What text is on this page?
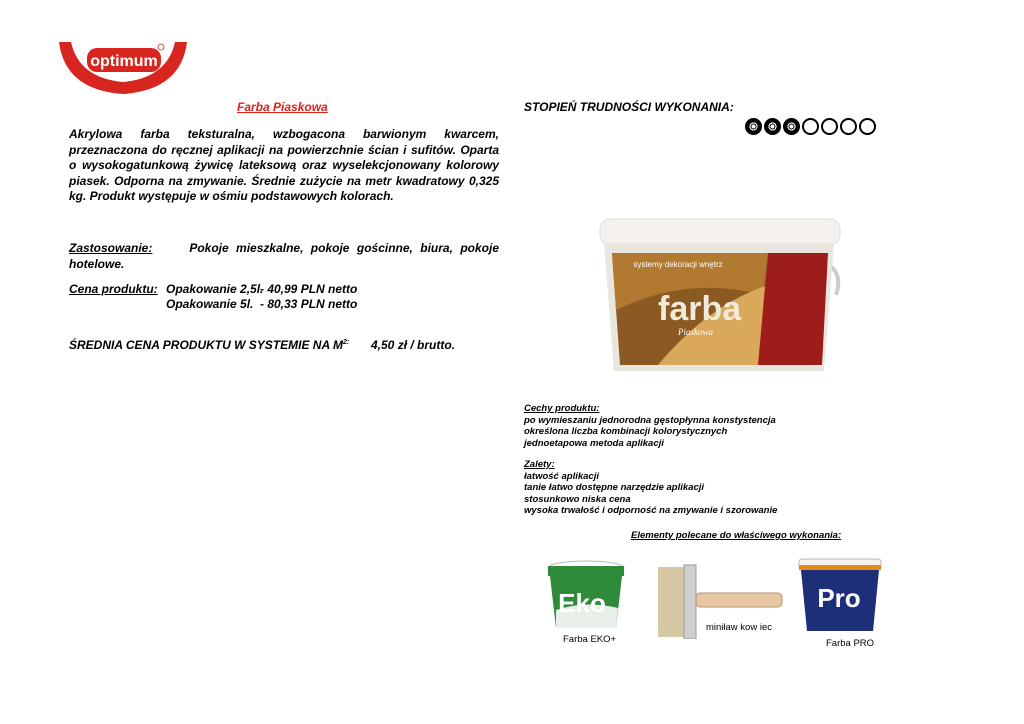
optimum
Farba Piaskowa
Akrylowa farba teksturalna, wzbogacona barwionym kwarcem, przeznaczona do ręcznej aplikacji na powierzchnie ścian i sufitów. Oparta o wysokogatunkową żywicę lateksową oraz wyselekcjonowany kolorowy piasek. Odporna na zmywanie. Średnie zużycie na metr kwadratowy 0,325 kg. Produkt występuje w ośmiu podstawowych kolorach.
Zastosowanie:	Pokoje mieszkalne, pokoje gościnne, biura, pokoje hotelowe.
Cena produktu: Opakowanie 2,5l.
- 40,99 PLN netto
Opakowanie 5l. - 80,33 PLN netto
ŚREDNIA CENA PRODUKTU W SYSTEMIE NA $M^{2:}$ 4,50 zł / brutto.
STOPIEŃ TRUDNOŚCI WYKONANIA:
systemy dekoracji wnętrz
farba
Piaskowa
Cechy produktu:
po wymieszaniu jednorodna gęstopłynna konstystencja
określona liczba kombinacji kolorystycznych
jednoetapowa metoda aplikacji
Zalety:
łatwość aplikacji
tanie łatwo dostępne narzędzie aplikacji
stosunkowo niska cena
wysoka trwałość i odporność na zmywanie i szorowanie
Elementy polecane do właściwego wykonania:
Eko
Farba EKO+
miniław kow iec
Pro
Farba PRO
